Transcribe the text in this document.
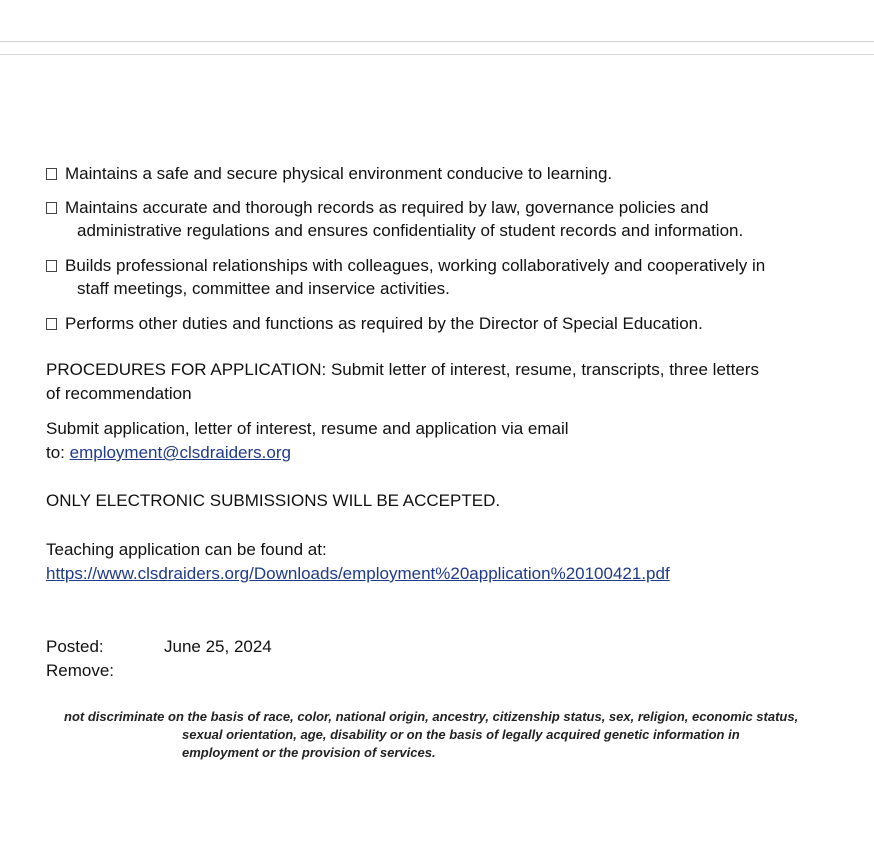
Maintains a safe and secure physical environment conducive to learning.
Maintains accurate and thorough records as required by law, governance policies and
administrative regulations and ensures confidentiality of student records and information.
Builds professional relationships with colleagues, working collaboratively and cooperatively in
staff meetings, committee and inservice activities.
Performs other duties and functions as required by the Director of Special Education.
PROCEDURES FOR APPLICATION: Submit letter of interest, resume, transcripts, three letters
of recommendation
Submit application, letter of interest, resume and application via email
to: employment@clsdraiders.org
ONLY ELECTRONIC SUBMISSIONS WILL BE ACCEPTED.
Teaching application can be found at:
https://www.clsdraiders.org/Downloads/employment%20application%20100421.pdf
Posted:	June 25, 2024
Remove:
not discriminate on the basis of race, color, national origin, ancestry, citizenship status, sex, religion, economic status,
sexual orientation, age, disability or on the basis of legally acquired genetic information in
employment or the provision of services.
